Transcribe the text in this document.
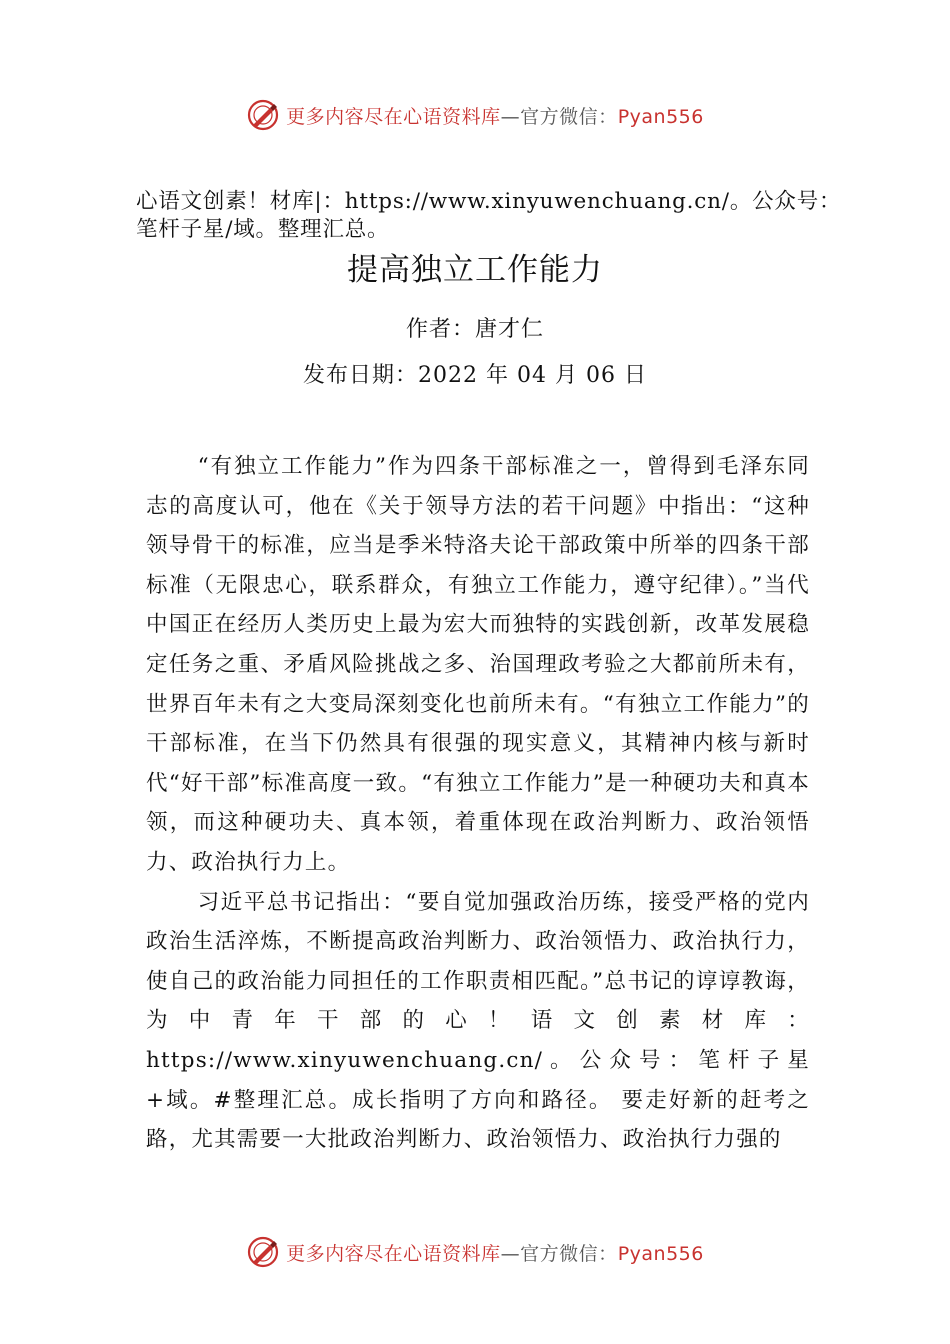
更多内容尽在心语资料库—官方微信：Pyan556

心语文创素！材库|：https://www.xinyuwenchuang.cn/。公众号：笔杆子星/域。整理汇总。

提高独立工作能力

作者：唐才仁

发布日期：2022 年 04 月 06 日

“有独立工作能力”作为四条干部标准之一，曾得到毛泽东同志的高度认可，他在《关于领导方法的若干问题》中指出：“这种领导骨干的标准，应当是季米特洛夫论干部政策中所举的四条干部标准（无限忠心，联系群众，有独立工作能力，遵守纪律）。”当代中国正在经历人类历史上最为宏大而独特的实践创新，改革发展稳定任务之重、矛盾风险挑战之多、治国理政考验之大都前所未有，世界百年未有之大变局深刻变化也前所未有。“有独立工作能力”的干部标准，在当下仍然具有很强的现实意义，其精神内核与新时代“好干部”标准高度一致。“有独立工作能力”是一种硬功夫和真本领，而这种硬功夫、真本领，着重体现在政治判断力、政治领悟力、政治执行力上。

习近平总书记指出：“要自觉加强政治历练，接受严格的党内政治生活淬炼，不断提高政治判断力、政治领悟力、政治执行力，使自己的政治能力同担任的工作职责相匹配。”总书记的谆谆教诲，为中青年干部的心！语文创素材库：https://www.xinyuwenchuang.cn/。公众号：笔杆子星+域。#整理汇总。成长指明了方向和路径。 要走好新的赶考之路，尤其需要一大批政治判断力、政治领悟力、政治执行力强的

更多内容尽在心语资料库—官方微信：Pyan556
